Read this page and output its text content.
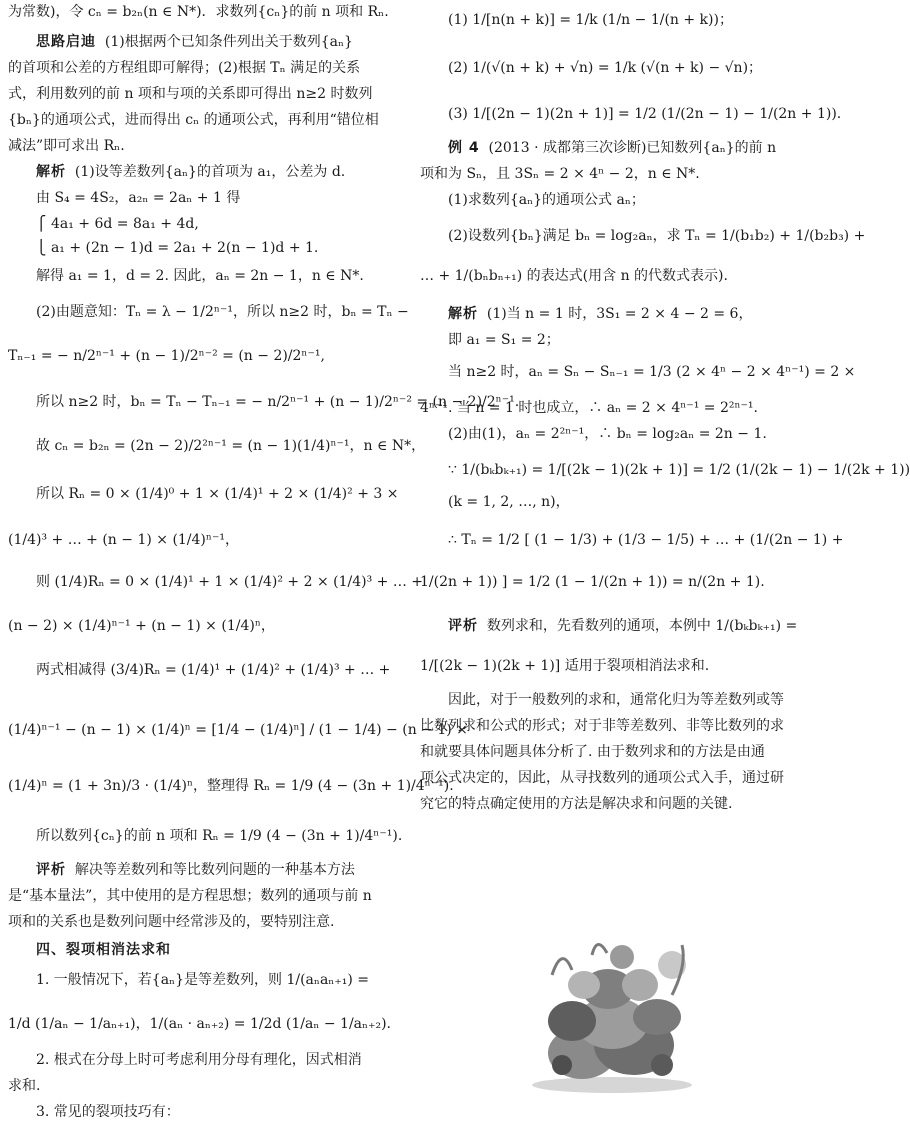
为常数)，令 cₙ = b₂ₙ(n ∈ N*)．求数列{cₙ}的前 n 项和 Rₙ.
思路启迪 (1)根据两个已知条件列出关于数列{aₙ}
的首项和公差的方程组即可解得；(2)根据 Tₙ 满足的关系
式，利用数列的前 n 项和与项的关系即可得出 n≥2 时数列
{bₙ}的通项公式，进而得出 cₙ 的通项公式，再利用“错位相
减法”即可求出 Rₙ.
解析 (1)设等差数列{aₙ}的首项为 a₁，公差为 d.
由 S₄ = 4S₂，a₂ₙ = 2aₙ + 1 得
⎧ 4a₁ + 6d = 8a₁ + 4d,
⎩ a₁ + (2n − 1)d = 2a₁ + 2(n − 1)d + 1.
解得 a₁ = 1，d = 2. 因此，aₙ = 2n − 1，n ∈ N*.
(2)由题意知：Tₙ = λ − 1/2ⁿ⁻¹，所以 n≥2 时，bₙ = Tₙ −
Tₙ₋₁ = − n/2ⁿ⁻¹ + (n − 1)/2ⁿ⁻² = (n − 2)/2ⁿ⁻¹,
所以 n≥2 时，bₙ = Tₙ − Tₙ₋₁ = − n/2ⁿ⁻¹ + (n − 1)/2ⁿ⁻² = (n − 2)/2ⁿ⁻¹.
故 cₙ = b₂ₙ = (2n − 2)/2²ⁿ⁻¹ = (n − 1)(1/4)ⁿ⁻¹，n ∈ N*，
所以 Rₙ = 0 × (1/4)⁰ + 1 × (1/4)¹ + 2 × (1/4)² + 3 ×
(1/4)³ + … + (n − 1) × (1/4)ⁿ⁻¹，
则 (1/4)Rₙ = 0 × (1/4)¹ + 1 × (1/4)² + 2 × (1/4)³ + … +
(n − 2) × (1/4)ⁿ⁻¹ + (n − 1) × (1/4)ⁿ，
两式相减得 (3/4)Rₙ = (1/4)¹ + (1/4)² + (1/4)³ + … +
(1/4)ⁿ⁻¹ − (n − 1) × (1/4)ⁿ = [1/4 − (1/4)ⁿ] / (1 − 1/4) − (n − 1) ×
(1/4)ⁿ = (1 + 3n)/3 · (1/4)ⁿ，整理得 Rₙ = 1/9 (4 − (3n + 1)/4ⁿ⁻¹).
所以数列{cₙ}的前 n 项和 Rₙ = 1/9 (4 − (3n + 1)/4ⁿ⁻¹).
评析 解决等差数列和等比数列问题的一种基本方法
是“基本量法”，其中使用的是方程思想；数列的通项与前 n
项和的关系也是数列问题中经常涉及的，要特别注意.
四、裂项相消法求和
1. 一般情况下，若{aₙ}是等差数列，则 1/(aₙaₙ₊₁) =
1/d (1/aₙ − 1/aₙ₊₁)，1/(aₙ · aₙ₊₂) = 1/2d (1/aₙ − 1/aₙ₊₂).
2. 根式在分母上时可考虑利用分母有理化，因式相消
求和.
3. 常见的裂项技巧有：
(1) 1/[n(n + k)] = 1/k (1/n − 1/(n + k))；
(2) 1/(√(n + k) + √n) = 1/k (√(n + k) − √n)；
(3) 1/[(2n − 1)(2n + 1)] = 1/2 (1/(2n − 1) − 1/(2n + 1)).
例 4 (2013 · 成都第三次诊断)已知数列{aₙ}的前 n
项和为 Sₙ，且 3Sₙ = 2 × 4ⁿ − 2，n ∈ N*.
(1)求数列{aₙ}的通项公式 aₙ；
(2)设数列{bₙ}满足 bₙ = log₂aₙ，求 Tₙ = 1/(b₁b₂) + 1/(b₂b₃) +
… + 1/(bₙbₙ₊₁) 的表达式(用含 n 的代数式表示).
解析 (1)当 n = 1 时，3S₁ = 2 × 4 − 2 = 6，
即 a₁ = S₁ = 2；
当 n≥2 时，aₙ = Sₙ − Sₙ₋₁ = 1/3 (2 × 4ⁿ − 2 × 4ⁿ⁻¹) = 2 ×
4ⁿ⁻¹. 当 n = 1 时也成立，∴ aₙ = 2 × 4ⁿ⁻¹ = 2²ⁿ⁻¹.
(2)由(1)，aₙ = 2²ⁿ⁻¹，∴ bₙ = log₂aₙ = 2n − 1.
∵ 1/(bₖbₖ₊₁) = 1/[(2k − 1)(2k + 1)] = 1/2 (1/(2k − 1) − 1/(2k + 1))
(k = 1, 2, …, n)，
∴ Tₙ = 1/2 [ (1 − 1/3) + (1/3 − 1/5) + … + (1/(2n − 1) +
1/(2n + 1)) ] = 1/2 (1 − 1/(2n + 1)) = n/(2n + 1).
评析 数列求和，先看数列的通项，本例中 1/(bₖbₖ₊₁) =
1/[(2k − 1)(2k + 1)] 适用于裂项相消法求和.
因此，对于一般数列的求和，通常化归为等差数列或等
比数列求和公式的形式；对于非等差数列、非等比数列的求
和就要具体问题具体分析了. 由于数列求和的方法是由通
项公式决定的，因此，从寻找数列的通项公式入手，通过研
究它的特点确定使用的方法是解决求和问题的关键.
